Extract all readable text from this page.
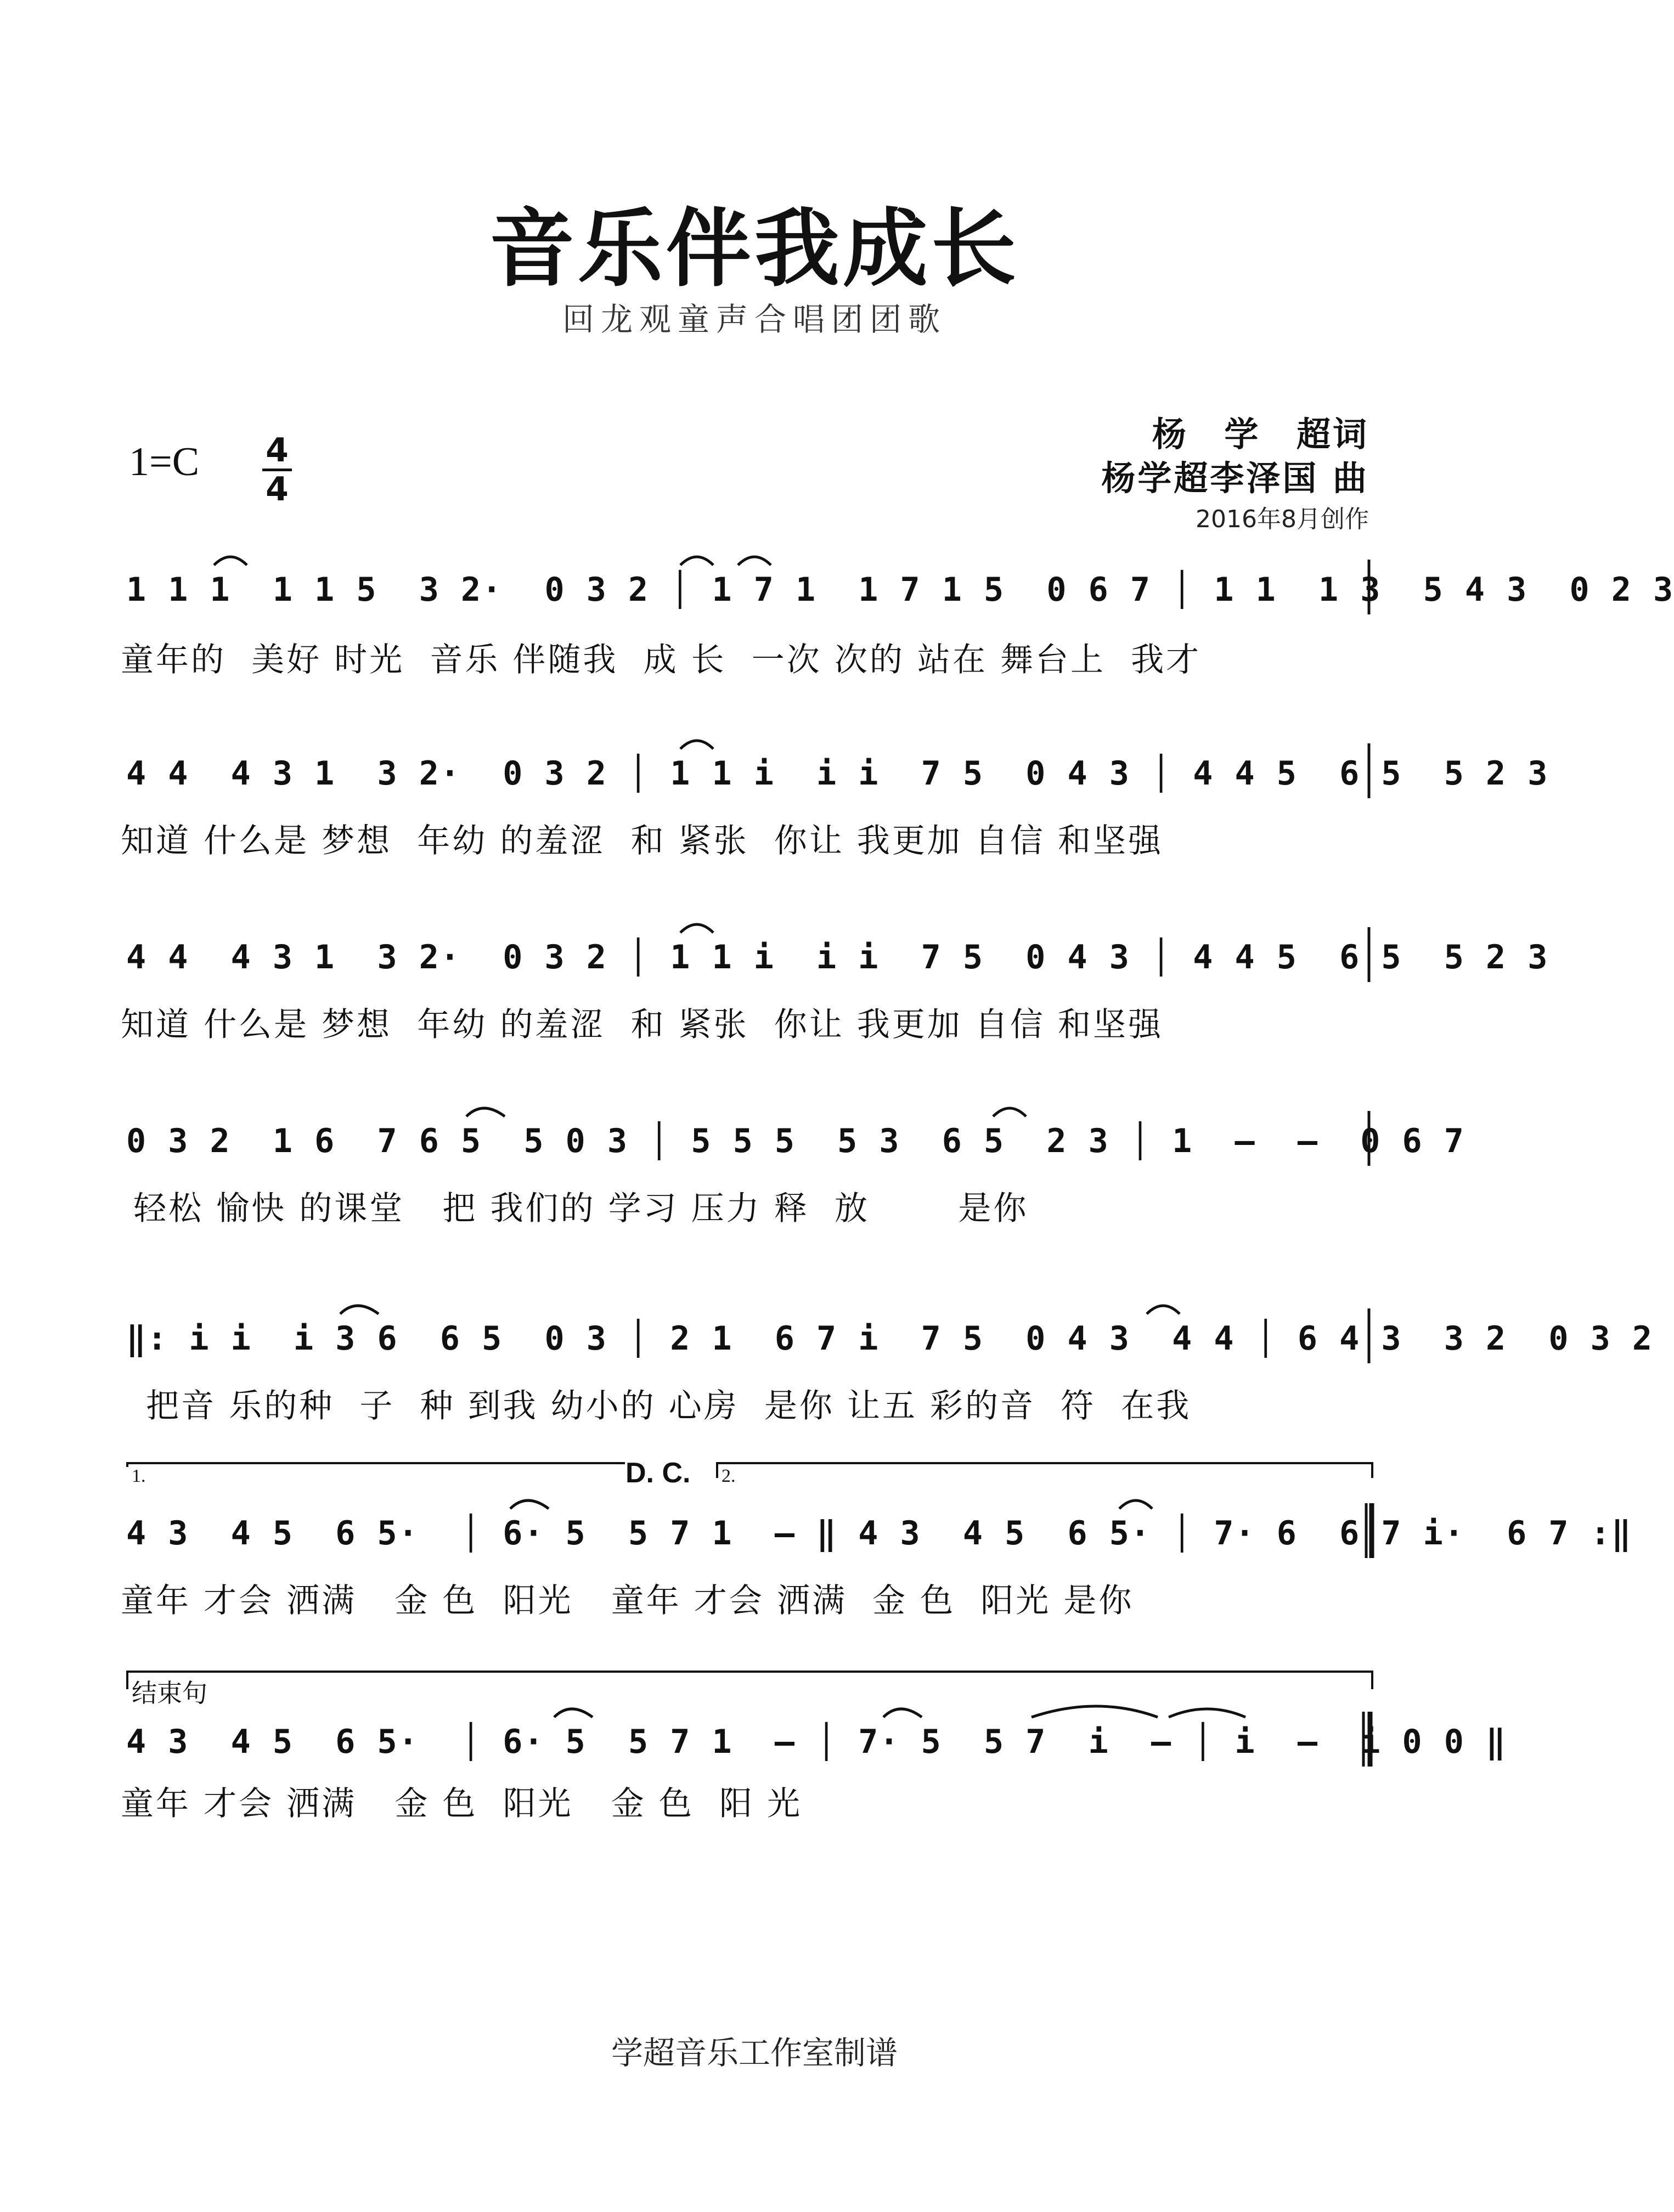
音乐伴我成长
回龙观童声合唱团团歌
1=C 4
4
杨 学 超词
杨学超李泽国 曲
2016年8月创作
1 1 1  1 1 5  3 2·  0 3 2 │ 1 7 1  1 7 1 5  0 6 7 │ 1 1  1 3  5 4 3  0 2 3
童年的  美好 时光  音乐 伴随我  成 长  一次 次的 站在 舞台上  我才
4 4  4 3 1  3 2·  0 3 2 │ 1 1 i  i i  7 5  0 4 3 │ 4 4 5  6 5  5 2 3
知道 什么是 梦想  年幼 的羞涩  和 紧张  你让 我更加 自信 和坚强
4 4  4 3 1  3 2·  0 3 2 │ 1 1 i  i i  7 5  0 4 3 │ 4 4 5  6 5  5 2 3
知道 什么是 梦想  年幼 的羞涩  和 紧张  你让 我更加 自信 和坚强
0 3 2  1 6  7 6 5  5 0 3 │ 5 5 5  5 3  6 5  2 3 │ 1  –  –  0 6 7
轻松 愉快 的课堂   把 我们的 学习 压力 释  放       是你
‖: i i  i 3 6  6 5  0 3 │ 2 1  6 7 i  7 5  0 4 3  4 4 │ 6 4 3  3 2  0 3 2
把音 乐的种  子  种 到我 幼小的 心房  是你 让五 彩的音  符  在我
1.	D. C. 2.
4 3  4 5  6 5·  │ 6· 5  5 7 1  – ‖ 4 3  4 5  6 5· │ 7· 6  6 7 i·  6 7 :‖
童年 才会 洒满   金 色  阳光   童年 才会 洒满  金 色  阳光 是你
结束句
4 3  4 5  6 5·  │ 6· 5  5 7 1  – │ 7· 5  5 7  i  – │ i  –  i 0 0 ‖
童年 才会 洒满   金 色  阳光   金 色  阳 光
学超音乐工作室制谱
